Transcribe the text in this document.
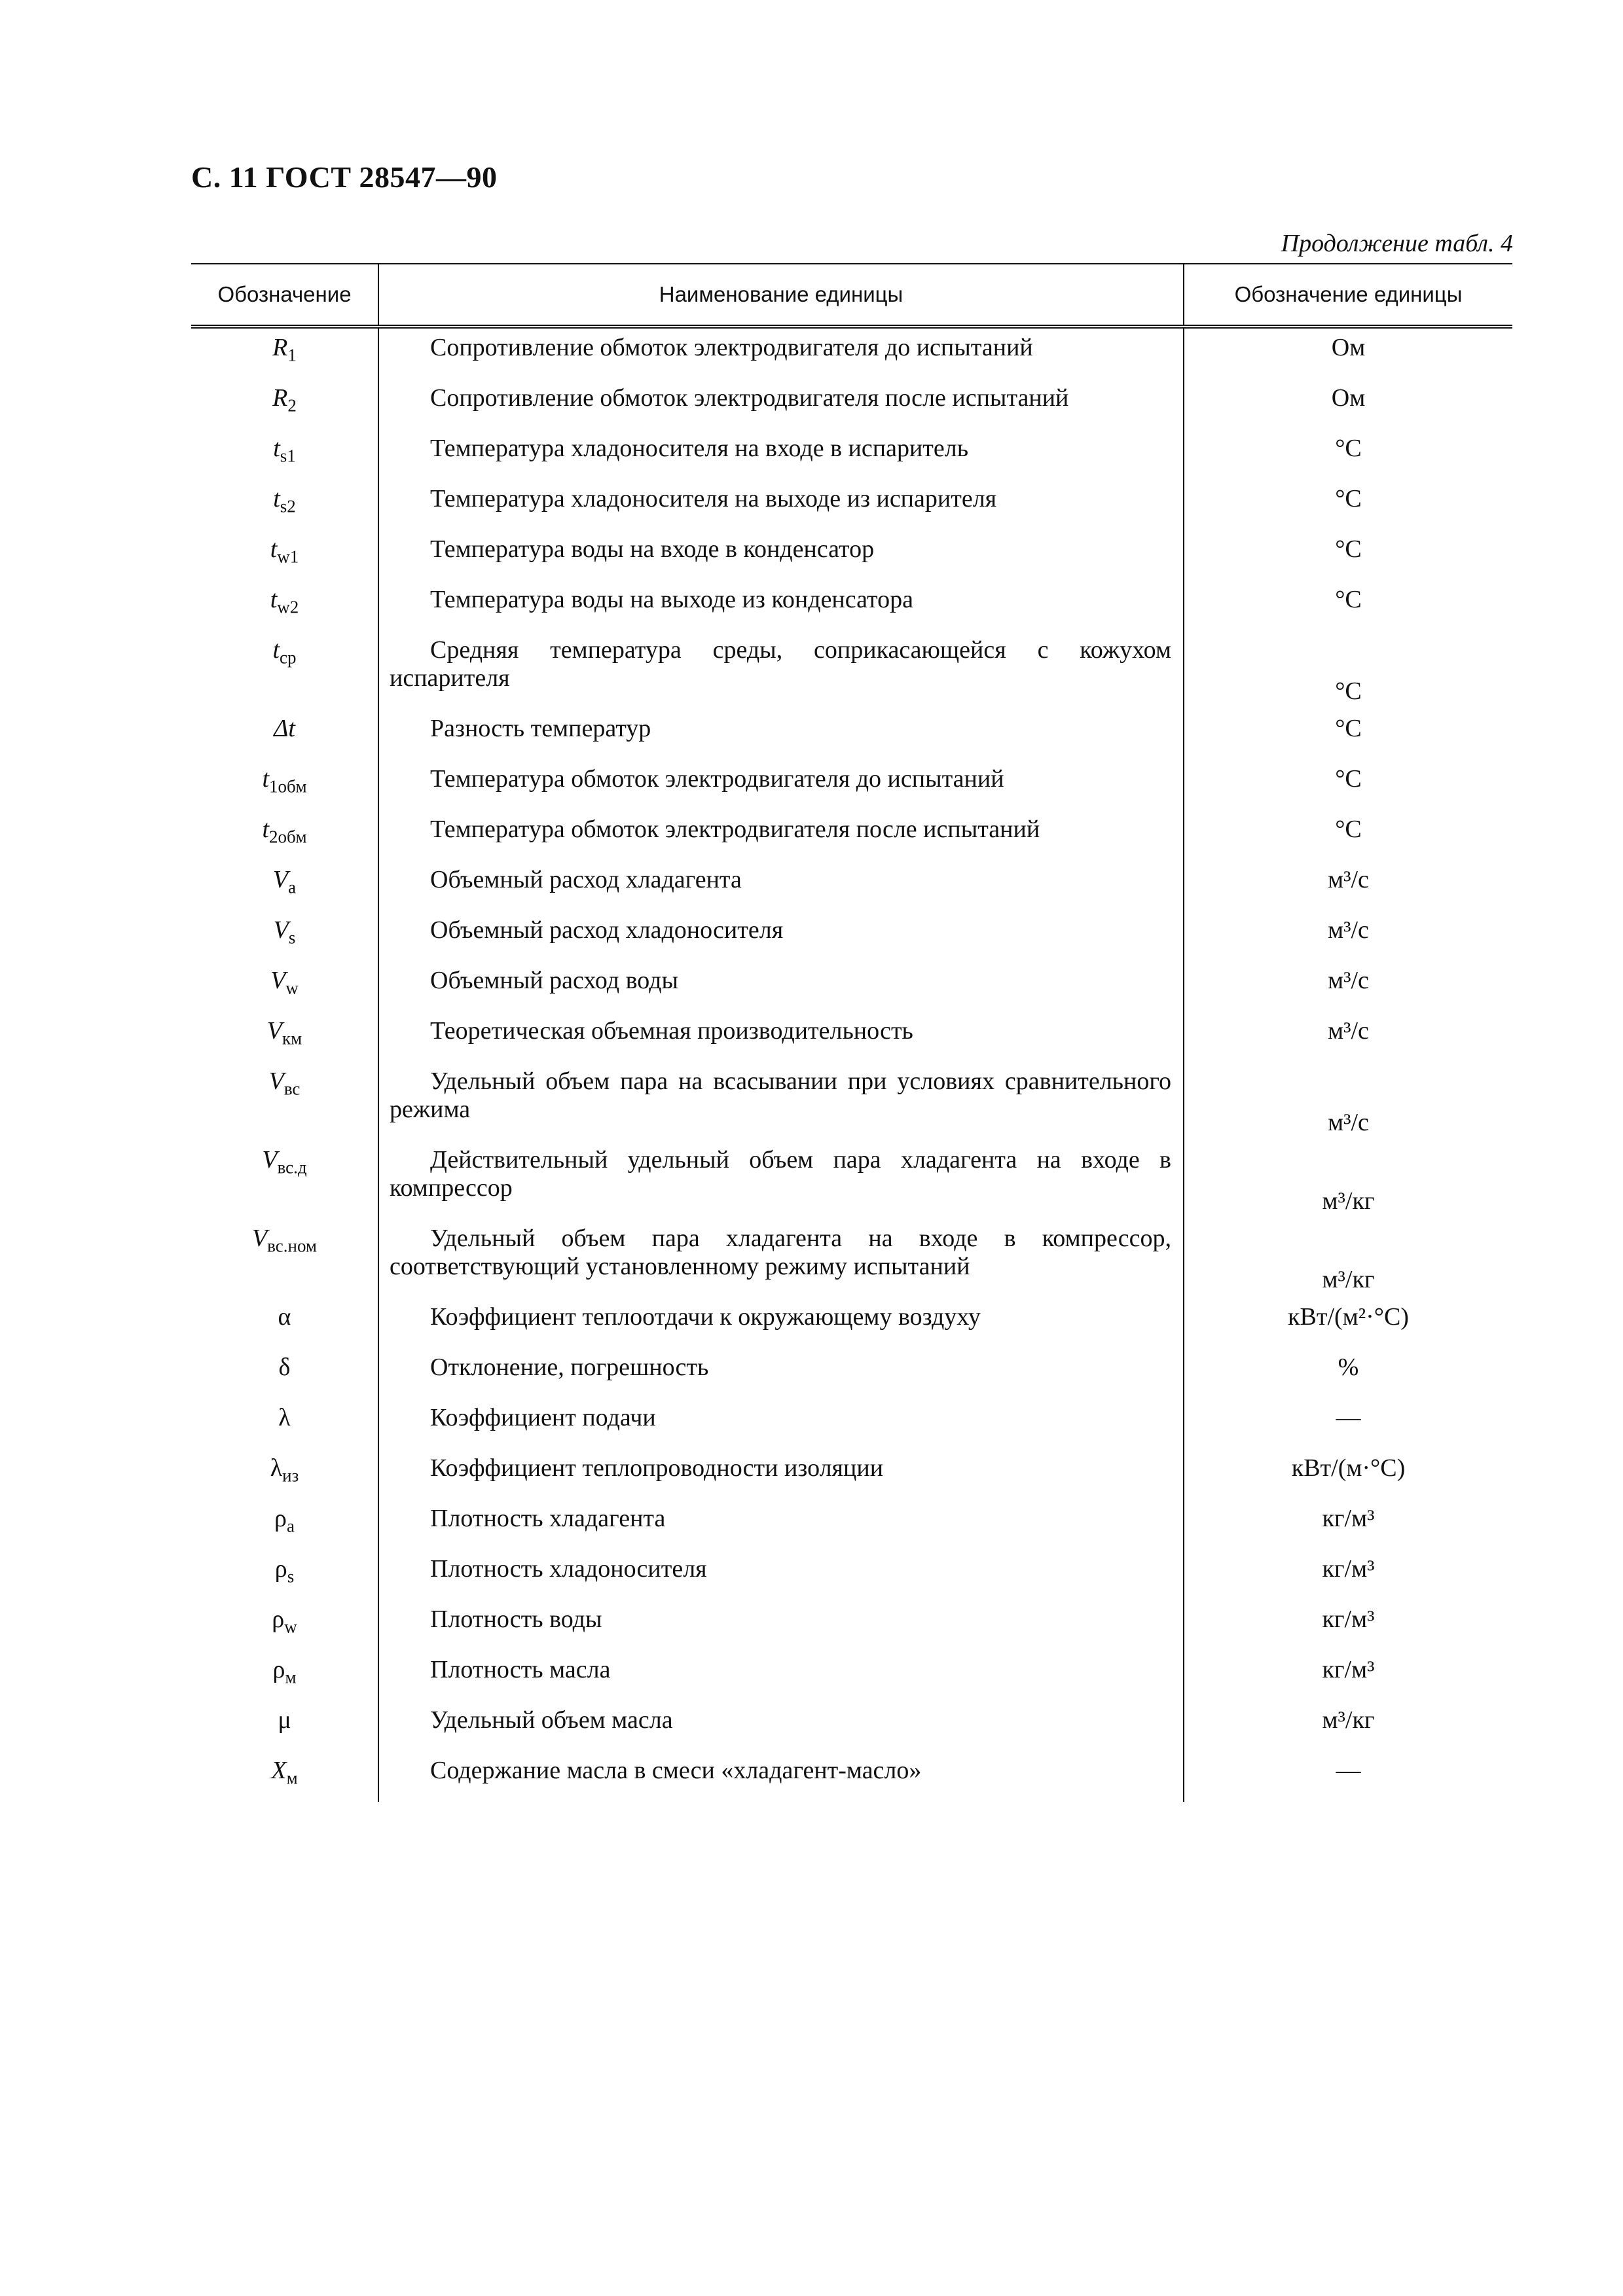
С. 11 ГОСТ 28547—90
Продолжение табл. 4
Обозначение	Наименование единицы	Обозначение единицы
$R_1$	Сопротивление обмоток электродвигателя до испытаний	Ом
$R_2$	Сопротивление обмоток электродвигателя после испытаний	Ом
$t_{s1}$	Температура хладоносителя на входе в испаритель	°C
$t_{s2}$	Температура хладоносителя на выходе из испарителя	°C
$t_{w1}$	Температура воды на входе в конденсатор	°C
$t_{w2}$	Температура воды на выходе из конденсатора	°C
$t_{ср}$	Средняя температура среды, соприкасающейся с кожухом испарителя	°C
Δt	Разность температур	°C
$t_{1обм}$	Температура обмоток электродвигателя до испытаний	°C
$t_{2обм}$	Температура обмоток электродвигателя после испытаний	°C
$V_a$	Объемный расход хладагента	м³/с
$V_s$	Объемный расход хладоносителя	м³/с
$V_w$	Объемный расход воды	м³/с
$V_{км}$	Теоретическая объемная производительность	м³/с
$V_{вс}$	Удельный объем пара на всасывании при условиях сравнительного режима	м³/с
$V_{вс.д}$	Действительный удельный объем пара хладагента на входе в компрессор	м³/кг
$V_{вс.ном}$	Удельный объем пара хладагента на входе в компрессор, соответствующий установленному режиму испытаний	м³/кг
α	Коэффициент теплоотдачи к окружающему воздуху	кВт/(м²·°C)
δ	Отклонение, погрешность	%
λ	Коэффициент подачи	—
$\lambda_{из}$	Коэффициент теплопроводности изоляции	кВт/(м·°C)
$\rho_a$	Плотность хладагента	кг/м³
$\rho_s$	Плотность хладоносителя	кг/м³
$\rho_w$	Плотность воды	кг/м³
$\rho_м$	Плотность масла	кг/м³
μ	Удельный объем масла	м³/кг
$X_м$	Содержание масла в смеси «хладагент-масло»	—
